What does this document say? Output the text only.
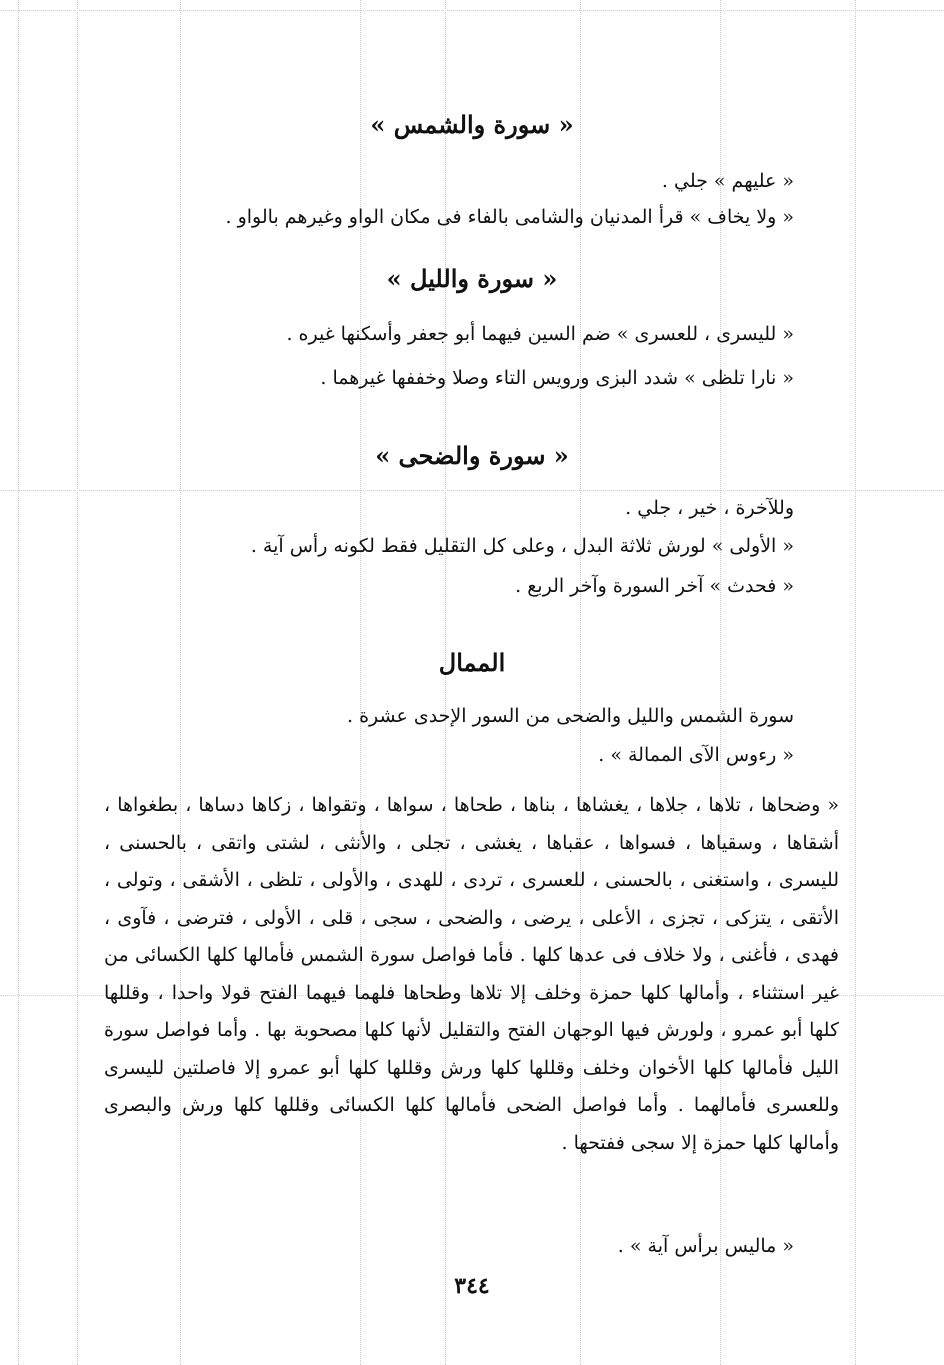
« سورة والشمس »
« عليهم » جلي .
« ولا يخاف » قرأ المدنيان والشامى بالفاء فى مكان الواو وغيرهم بالواو .
« سورة والليل »
« لليسرى ، للعسرى » ضم السين فيهما أبو جعفر وأسكنها غيره .
« نارا تلظى » شدد البزى ورويس التاء وصلا وخففها غيرهما .
« سورة والضحى »
وللآخرة ، خير ، جلي .
« الأولى » لورش ثلاثة البدل ، وعلى كل التقليل فقط لكونه رأس آية .
« فحدث » آخر السورة وآخر الربع .
الممال
سورة الشمس والليل والضحى من السور الإحدى عشرة .
« رءوس الآى الممالة » .
« وضحاها ، تلاها ، جلاها ، يغشاها ، بناها ، طحاها ، سواها ، وتقواها ، زكاها دساها ، بطغواها ، أشقاها ، وسقياها ، فسواها ، عقباها ، يغشى ، تجلى ، والأنثى ، لشتى واتقى ، بالحسنى ، لليسرى ، واستغنى ، بالحسنى ، للعسرى ، تردى ، للهدى ، والأولى ، تلظى ، الأشقى ، وتولى ، الأتقى ، يتزكى ، تجزى ، الأعلى ، يرضى ، والضحى ، سجى ، قلى ، الأولى ، فترضى ، فآوى ، فهدى ، فأغنى ، ولا خلاف فى عدها كلها . فأما فواصل سورة الشمس فأمالها كلها الكسائى من غير استثناء ، وأمالها كلها حمزة وخلف إلا تلاها وطحاها فلهما فيهما الفتح قولا واحدا ، وقللها كلها أبو عمرو ، ولورش فيها الوجهان الفتح والتقليل لأنها كلها مصحوبة بها . وأما فواصل سورة الليل فأمالها كلها الأخوان وخلف وقللها كلها ورش وقللها كلها أبو عمرو إلا فاصلتين لليسرى وللعسرى فأمالهما . وأما فواصل الضحى فأمالها كلها الكسائى وقللها كلها ورش والبصرى وأمالها كلها حمزة إلا سجى ففتحها .
« ماليس برأس آية » .
٣٤٤
